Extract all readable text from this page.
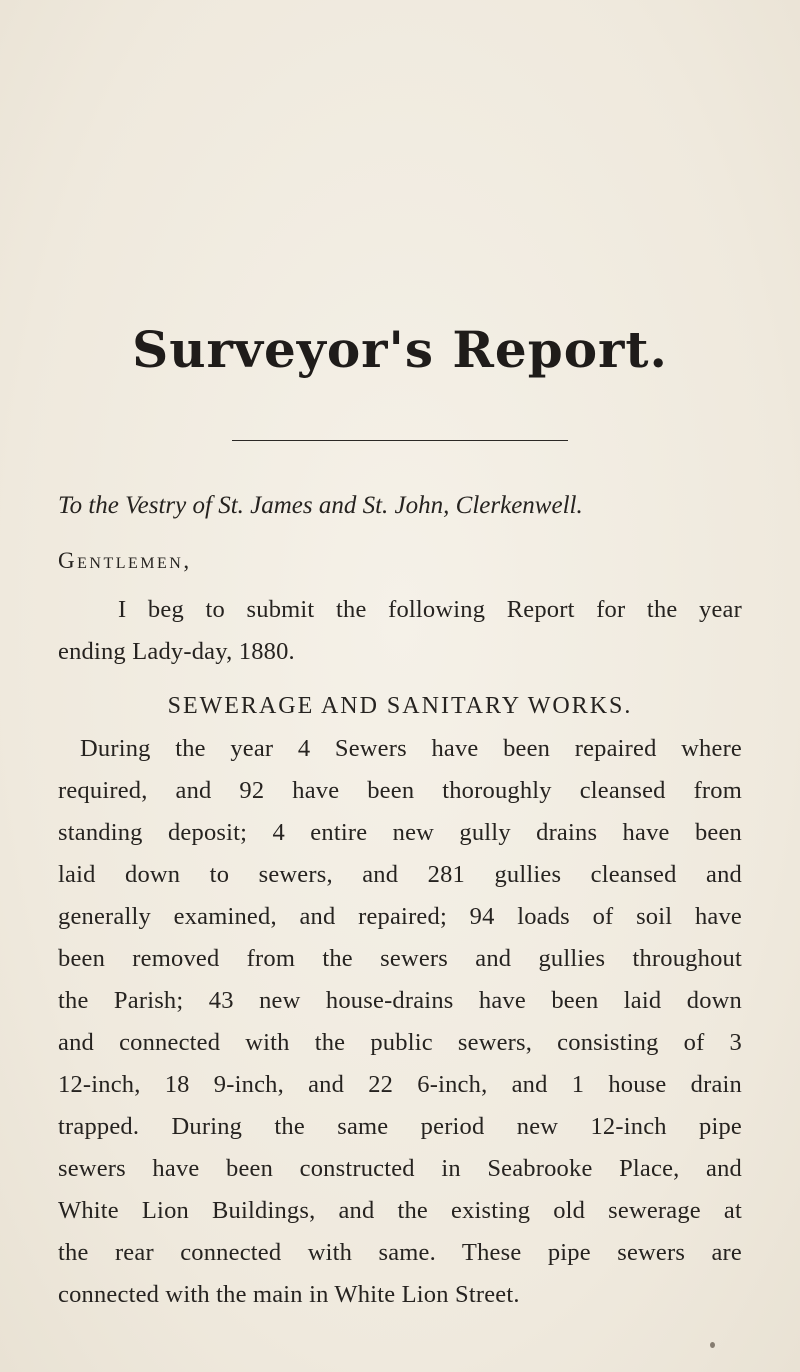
Surveyor's Report.
To the Vestry of St. James and St. John, Clerkenwell.
Gentlemen,
I beg to submit the following Report for the year
ending Lady-day, 1880.
SEWERAGE AND SANITARY WORKS.
During the year 4 Sewers have been repaired where
required, and 92 have been thoroughly cleansed from
standing deposit; 4 entire new gully drains have been
laid down to sewers, and 281 gullies cleansed and
generally examined, and repaired; 94 loads of soil have
been removed from the sewers and gullies throughout
the Parish; 43 new house-drains have been laid down
and connected with the public sewers, consisting of 3
12-inch, 18 9-inch, and 22 6-inch, and 1 house drain
trapped. During the same period new 12-inch pipe
sewers have been constructed in Seabrooke Place, and
White Lion Buildings, and the existing old sewerage at
the rear connected with same. These pipe sewers are
connected with the main in White Lion Street.
